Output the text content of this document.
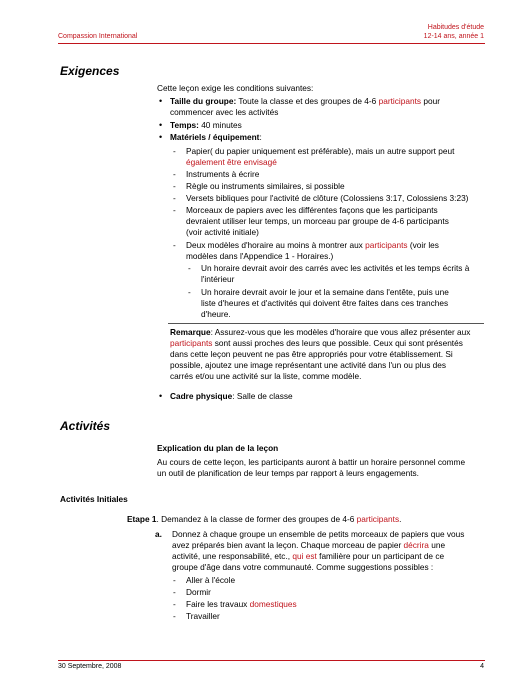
Compassion International
Habitudes d'étude
12-14 ans, année 1
Exigences
Cette leçon exige les conditions suivantes:
• Taille du groupe: Toute la classe et des groupes de 4-6 participants pour
commencer avec les activités
• Temps: 40 minutes
• Matériels / équipement:
- Papier( du papier uniquement est préférable), mais un autre support peut
également être envisagé
- Instruments à écrire
- Règle ou instruments similaires, si possible
- Versets bibliques pour l'activité de clôture (Colossiens 3:17, Colossiens 3:23)
- Morceaux de papiers avec les différentes façons que les participants
devraient utiliser leur temps, un morceau par groupe de 4-6 participants
(voir activité initiale)
- Deux modèles d'horaire au moins à montrer aux participants (voir les
modèles dans l'Appendice 1 - Horaires.)
- Un horaire devrait avoir des carrés avec les activités et les temps écrits à
l'intérieur
- Un horaire devrait avoir le jour et la semaine dans l'entête, puis une
liste d'heures et d'activités qui doivent être faites dans ces tranches
d'heure.
Remarque: Assurez-vous que les modèles d'horaire que vous allez présenter aux
participants sont aussi proches des leurs que possible. Ceux qui sont présentés
dans cette leçon peuvent ne pas être appropriés pour votre établissement. Si
possible, ajoutez une image représentant une activité dans l'un ou plus des
carrés et/ou une activité sur la liste, comme modèle.
• Cadre physique: Salle de classe
Activités
Explication du plan de la leçon
Au cours de cette leçon, les participants auront à battir un horaire personnel comme
un outil de planification de leur temps par rapport à leurs engagements.
Activités Initiales
Etape 1. Demandez à la classe de former des groupes de 4-6 participants.
a. Donnez à chaque groupe un ensemble de petits morceaux de papiers que vous
avez préparés bien avant la leçon. Chaque morceau de papier décrira une
activité, une responsabilité, etc., qui est familière pour un participant de ce
groupe d'âge dans votre communauté. Comme suggestions possibles :
- Aller à l'école
- Dormir
- Faire les travaux domestiques
- Travailler
30 Septembre, 2008	4
